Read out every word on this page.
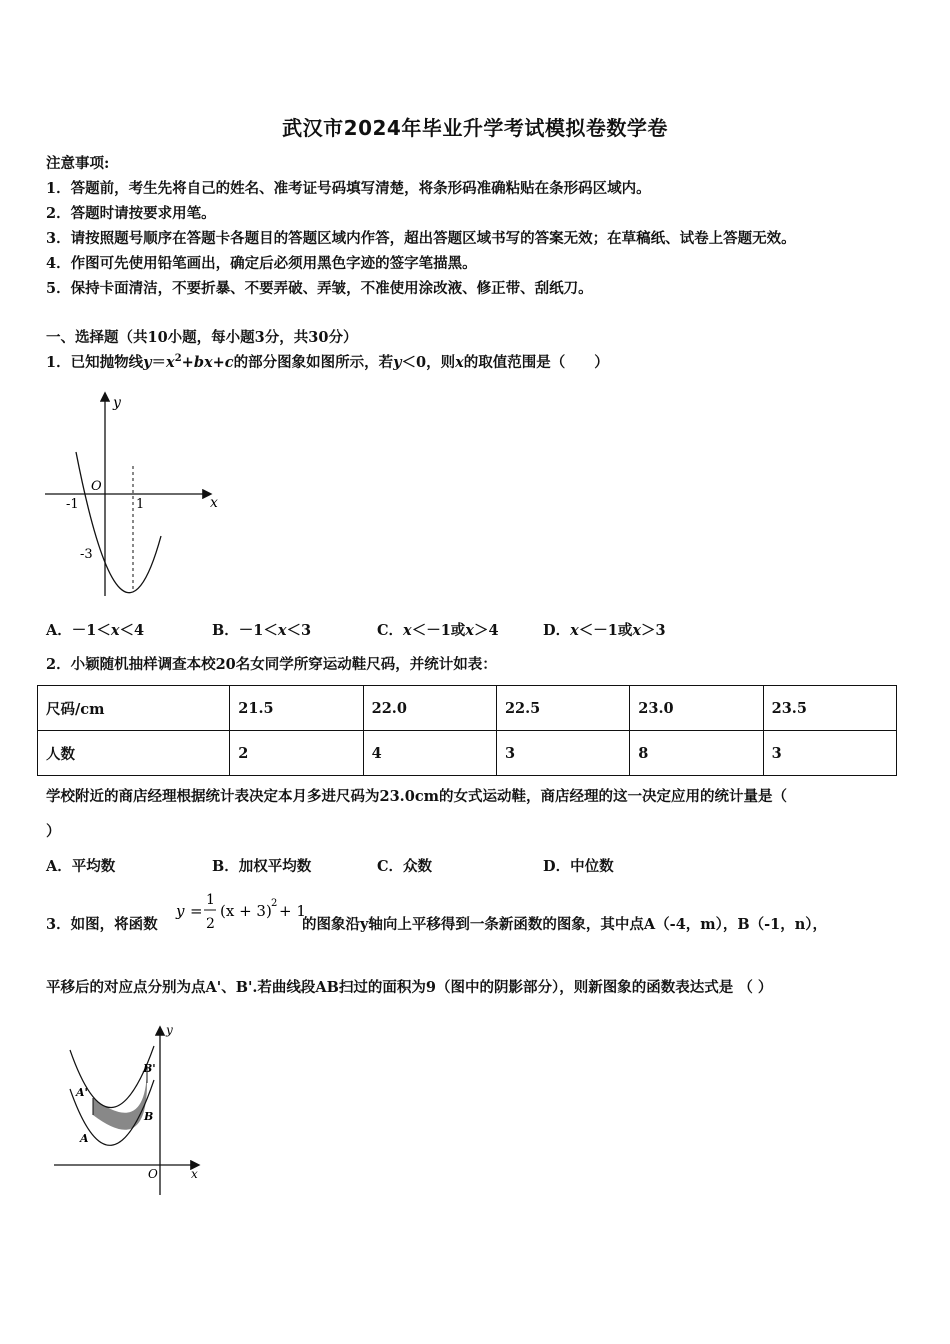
武汉市2024年毕业升学考试模拟卷数学卷
注意事项:
1．答题前，考生先将自己的姓名、准考证号码填写清楚，将条形码准确粘贴在条形码区域内。
2．答题时请按要求用笔。
3．请按照题号顺序在答题卡各题目的答题区域内作答，超出答题区域书写的答案无效；在草稿纸、试卷上答题无效。
4．作图可先使用铅笔画出，确定后必须用黑色字迹的签字笔描黑。
5．保持卡面清洁，不要折暴、不要弄破、弄皱，不准使用涂改液、修正带、刮纸刀。
一、选择题（共10小题，每小题3分，共30分）
1．已知抛物线$y=x^2+bx+c$的部分图象如图所示，若y＜0，则x的取值范围是（　　）
y
x
O
-1	1
-3
A．－1＜x＜4	B．－1＜x＜3	C．x＜－1或x＞4	D．x＜－1或x＞3
2．小颖随机抽样调查本校20名女同学所穿运动鞋尺码，并统计如表：
尺码/cm	21.5	22.0	22.5	23.0	23.5
人数	2	4	3	8	3
学校附近的商店经理根据统计表决定本月多进尺码为23.0cm的女式运动鞋，商店经理的这一决定应用的统计量是（
）
A．平均数	B．加权平均数	C．众数	D．中位数
3．如图，将函数
y =
1
2
(x + 3) 2 + 1
的图象沿y轴向上平移得到一条新函数的图象，其中点A（-4，m），B（-1，n），
平移后的对应点分别为点A'、B'.若曲线段AB扫过的面积为9（图中的阴影部分），则新图象的函数表达式是 （ ）
y
x
O
A
B
A'
B'
